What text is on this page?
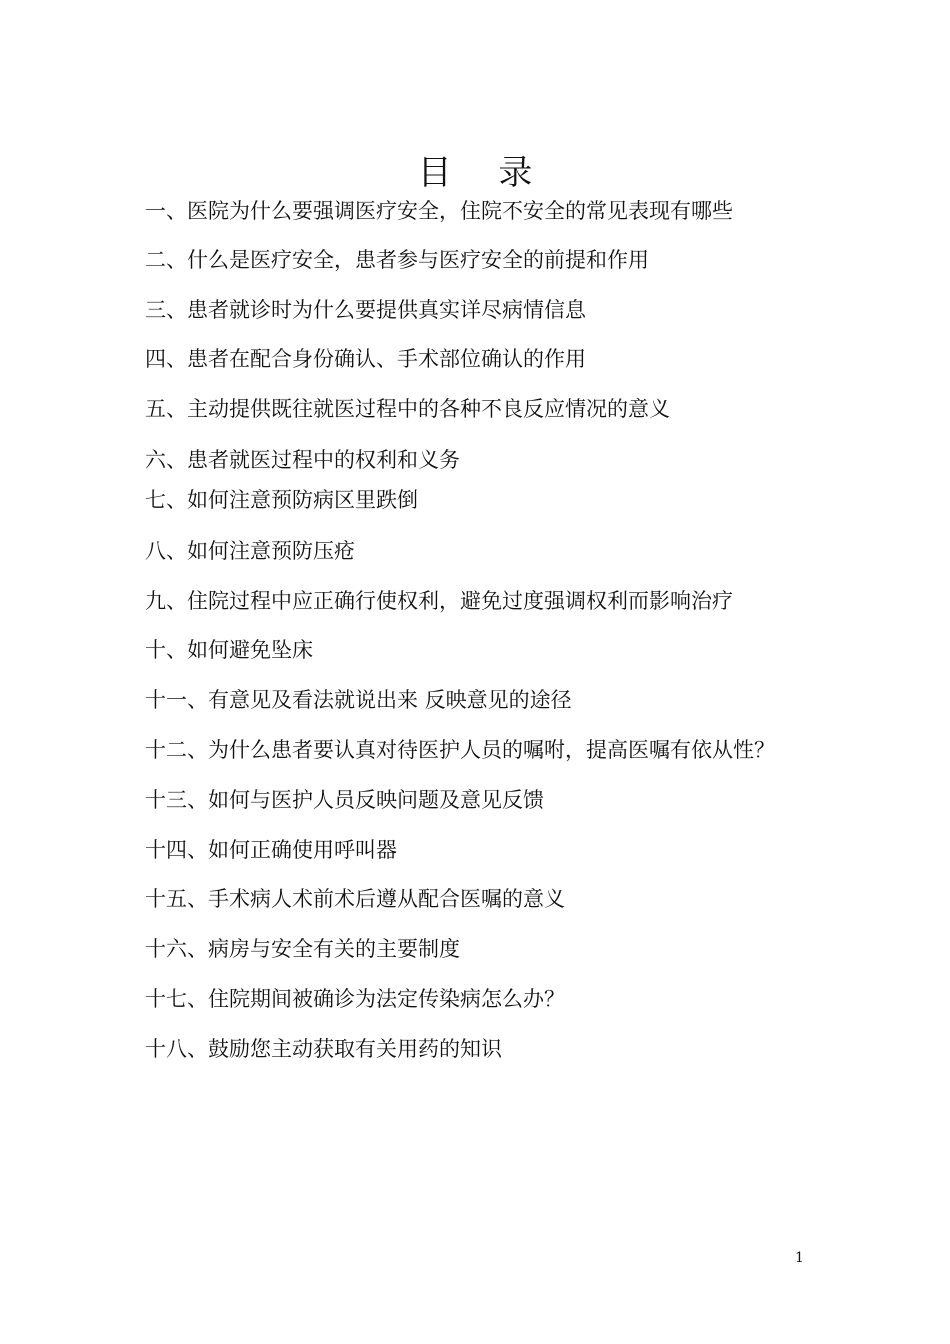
目 录
一、医院为什么要强调医疗安全，住院不安全的常见表现有哪些
二、什么是医疗安全，患者参与医疗安全的前提和作用
三、患者就诊时为什么要提供真实详尽病情信息
四、患者在配合身份确认、手术部位确认的作用
五、主动提供既往就医过程中的各种不良反应情况的意义
六、患者就医过程中的权利和义务
七、如何注意预防病区里跌倒
八、如何注意预防压疮
九、住院过程中应正确行使权利，避免过度强调权利而影响治疗
十、如何避免坠床
十一、有意见及看法就说出来 反映意见的途径
十二、为什么患者要认真对待医护人员的嘱咐，提高医嘱有依从性？
十三、如何与医护人员反映问题及意见反馈
十四、如何正确使用呼叫器
十五、手术病人术前术后遵从配合医嘱的意义
十六、病房与安全有关的主要制度
十七、住院期间被确诊为法定传染病怎么办？
十八、鼓励您主动获取有关用药的知识
1
